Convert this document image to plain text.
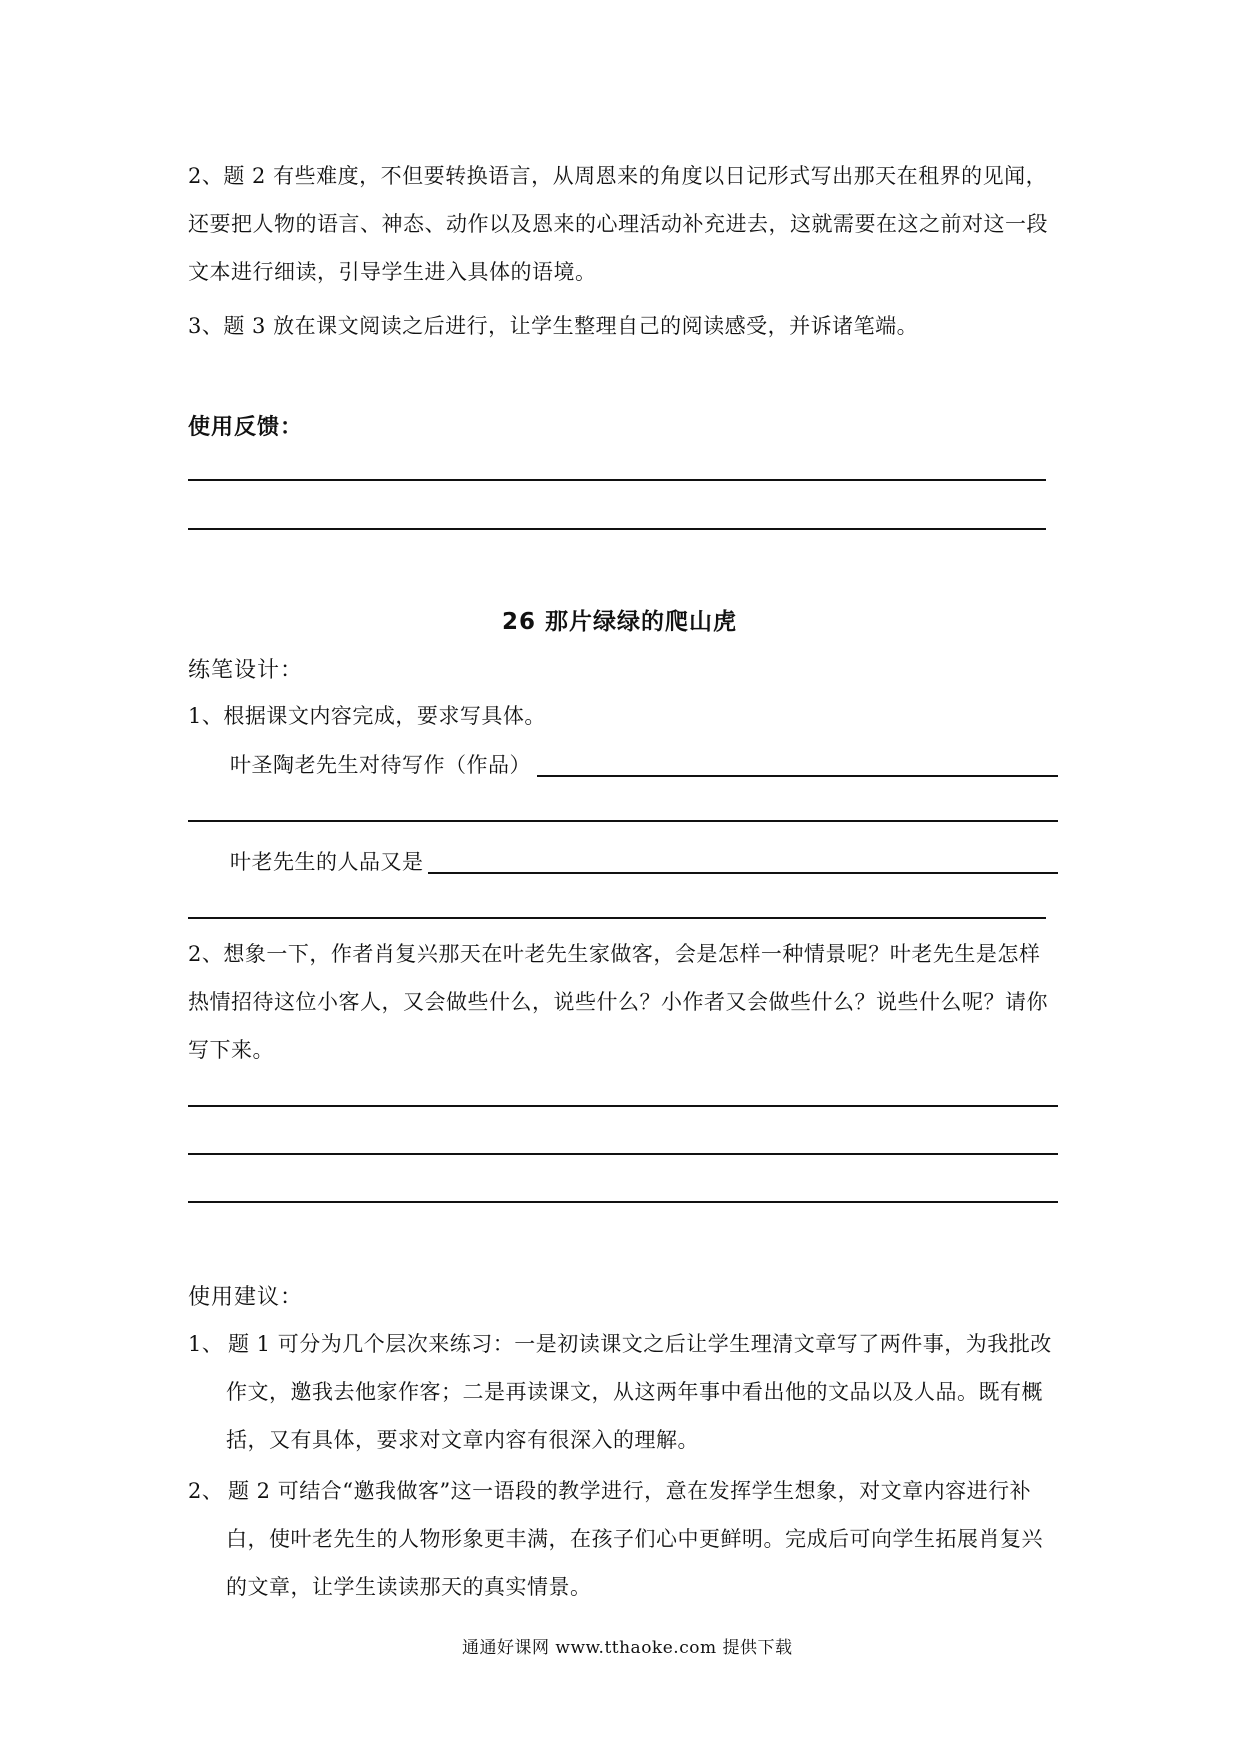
2、题 2 有些难度，不但要转换语言，从周恩来的角度以日记形式写出那天在租界的见闻，
还要把人物的语言、神态、动作以及恩来的心理活动补充进去，这就需要在这之前对这一段
文本进行细读，引导学生进入具体的语境。
3、题 3 放在课文阅读之后进行，让学生整理自己的阅读感受，并诉诸笔端。
使用反馈：
26 那片绿绿的爬山虎
练笔设计：
1、根据课文内容完成，要求写具体。
叶圣陶老先生对待写作（作品）
叶老先生的人品又是
2、想象一下，作者肖复兴那天在叶老先生家做客，会是怎样一种情景呢？叶老先生是怎样
热情招待这位小客人，又会做些什么，说些什么？小作者又会做些什么？说些什么呢？请你
写下来。
使用建议：
1、 题 1 可分为几个层次来练习：一是初读课文之后让学生理清文章写了两件事，为我批改
作文，邀我去他家作客；二是再读课文，从这两年事中看出他的文品以及人品。既有概
括，又有具体，要求对文章内容有很深入的理解。
2、 题 2 可结合“邀我做客”这一语段的教学进行，意在发挥学生想象，对文章内容进行补
白，使叶老先生的人物形象更丰满，在孩子们心中更鲜明。完成后可向学生拓展肖复兴
的文章，让学生读读那天的真实情景。
通通好课网 www.tthaoke.com 提供下载
